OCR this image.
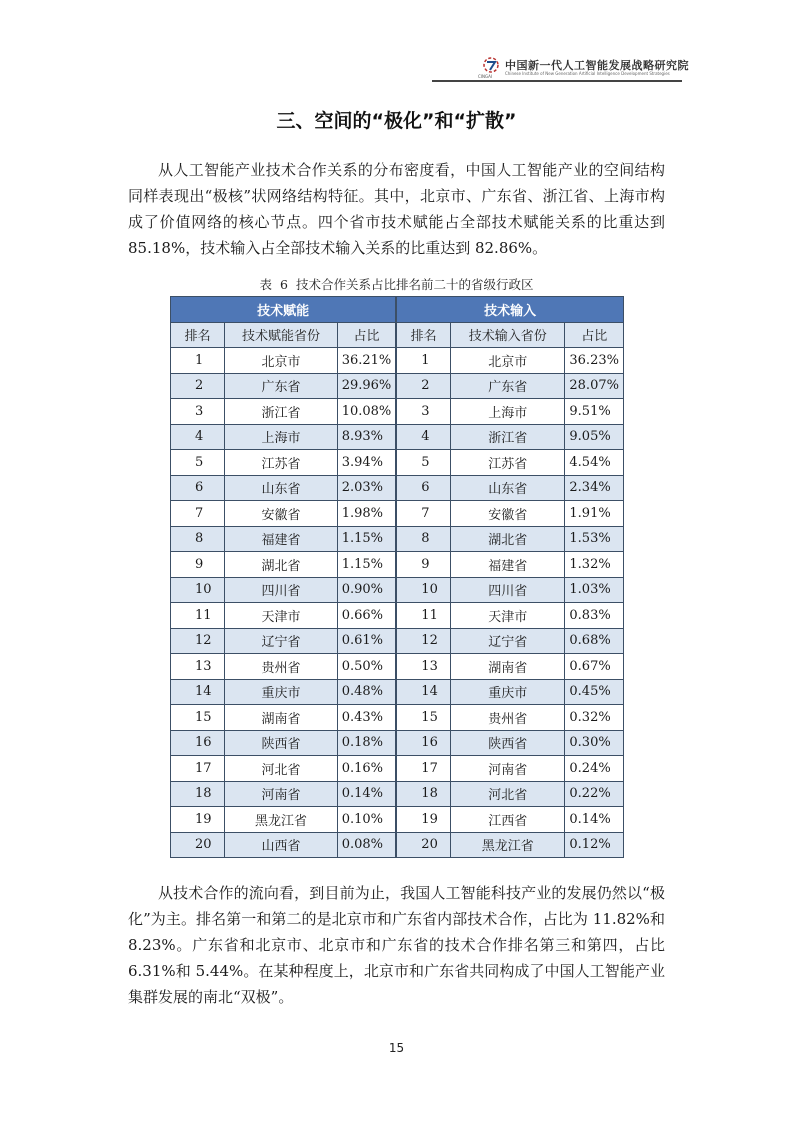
CINGAI
中国新一代人工智能发展战略研究院
Chinese Institute of New Generation Artificial Intelligence Development Strategies
三、空间的“极化”和“扩散”

从人工智能产业技术合作关系的分布密度看，中国人工智能产业的空间结构同样表现出“极核”状网络结构特征。其中，北京市、广东省、浙江省、上海市构成了价值网络的核心节点。四个省市技术赋能占全部技术赋能关系的比重达到 85.18%，技术输入占全部技术输入关系的比重达到 82.86%。

表 6 技术合作关系占比排名前二十的省级行政区
技术赋能			技术输入		
排名	技术赋能省份	占比	排名	技术输入省份	占比
1	北京市	36.21%	1	北京市	36.23%
2	广东省	29.96%	2	广东省	28.07%
3	浙江省	10.08%	3	上海市	9.51%
4	上海市	8.93%	4	浙江省	9.05%
5	江苏省	3.94%	5	江苏省	4.54%
6	山东省	2.03%	6	山东省	2.34%
7	安徽省	1.98%	7	安徽省	1.91%
8	福建省	1.15%	8	湖北省	1.53%
9	湖北省	1.15%	9	福建省	1.32%
10	四川省	0.90%	10	四川省	1.03%
11	天津市	0.66%	11	天津市	0.83%
12	辽宁省	0.61%	12	辽宁省	0.68%
13	贵州省	0.50%	13	湖南省	0.67%
14	重庆市	0.48%	14	重庆市	0.45%
15	湖南省	0.43%	15	贵州省	0.32%
16	陕西省	0.18%	16	陕西省	0.30%
17	河北省	0.16%	17	河南省	0.24%
18	河南省	0.14%	18	河北省	0.22%
19	黑龙江省	0.10%	19	江西省	0.14%
20	山西省	0.08%	20	黑龙江省	0.12%

从技术合作的流向看，到目前为止，我国人工智能科技产业的发展仍然以“极化”为主。排名第一和第二的是北京市和广东省内部技术合作，占比为 11.82%和 8.23%。广东省和北京市、北京市和广东省的技术合作排名第三和第四，占比 6.31%和 5.44%。在某种程度上，北京市和广东省共同构成了中国人工智能产业集群发展的南北“双极”。

15
